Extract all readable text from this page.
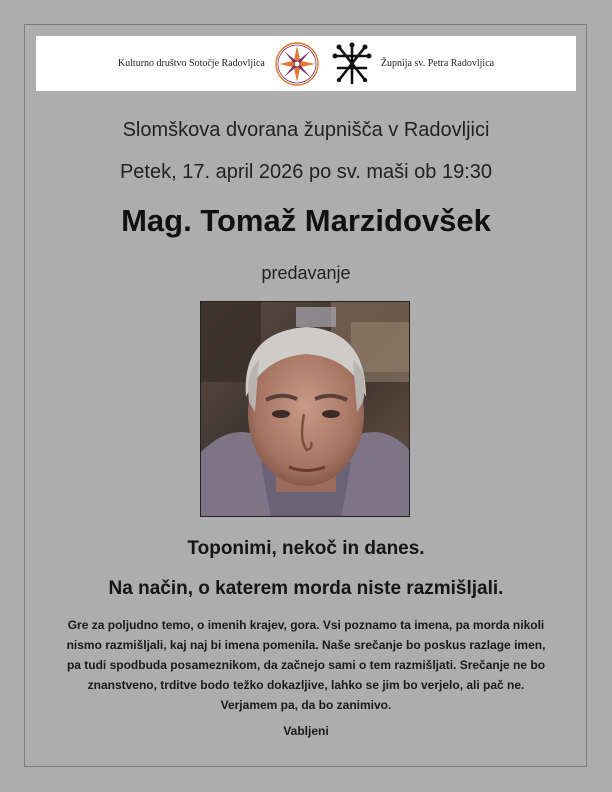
Kulturno društvo Sotočje Radovljica	Župnija sv. Petra Radovljica
Slomškova dvorana župnišča v Radovljici
Petek, 17. april 2026 po sv. maši ob 19:30
Mag. Tomaž Marzidovšek
predavanje
Toponimi, nekoč in danes.
Na način, o katerem morda niste razmišljali.

Gre za poljudno temo, o imenih krajev, gora. Vsi poznamo ta imena, pa morda nikoli

nismo razmišljali, kaj naj bi imena pomenila. Naše srečanje bo poskus razlage imen,

pa tudi spodbuda posameznikom, da začnejo sami o tem razmišljati. Srečanje ne bo

znanstveno, trditve bodo težko dokazljive, lahko se jim bo verjelo, ali pač ne.

Verjamem pa, da bo zanimivo.

Vabljeni
